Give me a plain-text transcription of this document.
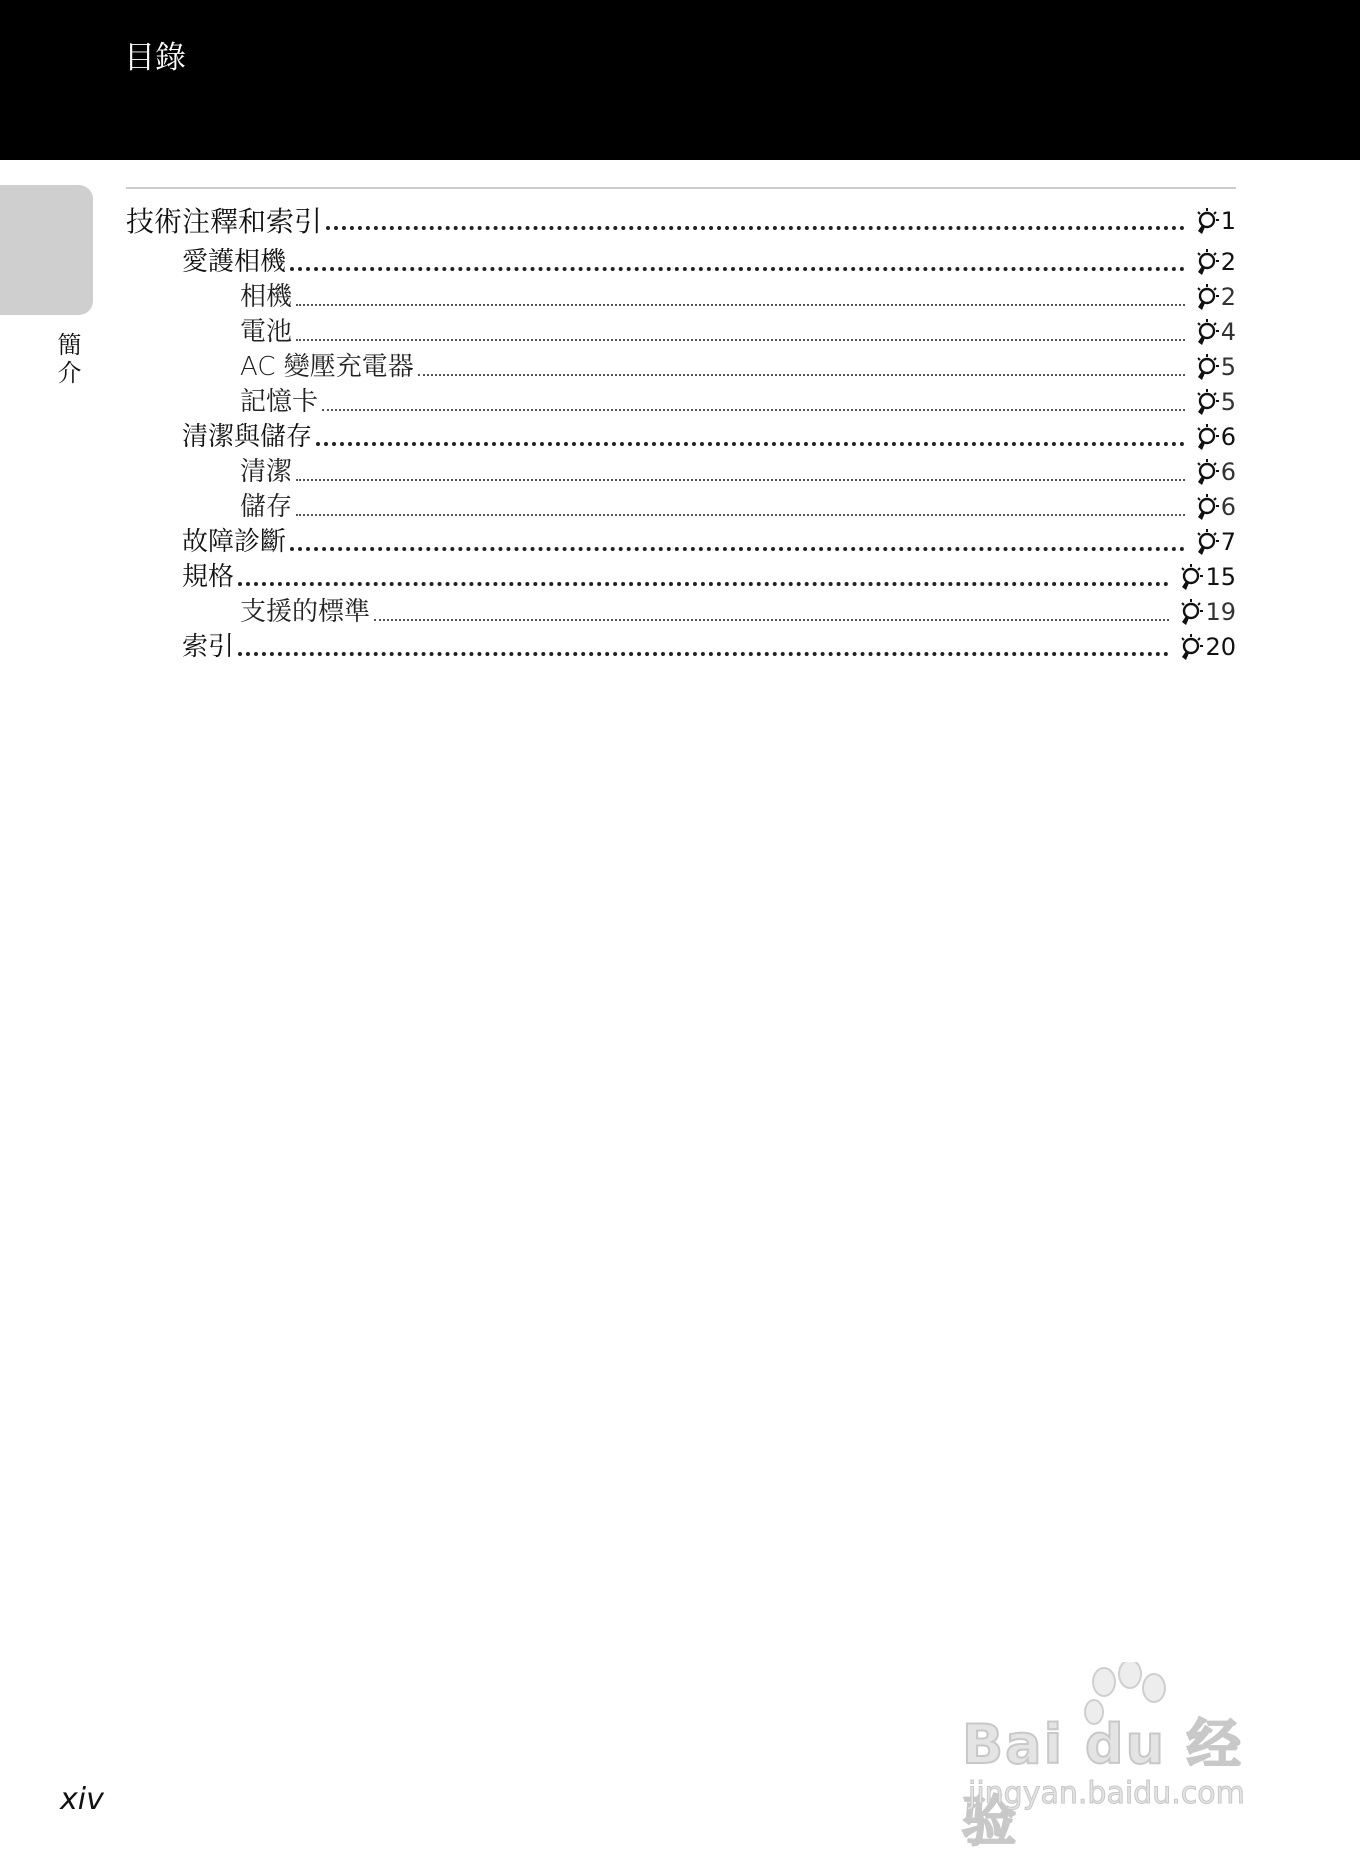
目錄
簡介
技術注釋和索引	1
愛護相機	2
相機	2
電池	4
AC 變壓充電器	5
記憶卡	5
清潔與儲存	6
清潔	6
儲存	6
故障診斷	7
規格	15
支援的標準	19
索引	20
xiv
Bai du 经验
jingyan.baidu.com
